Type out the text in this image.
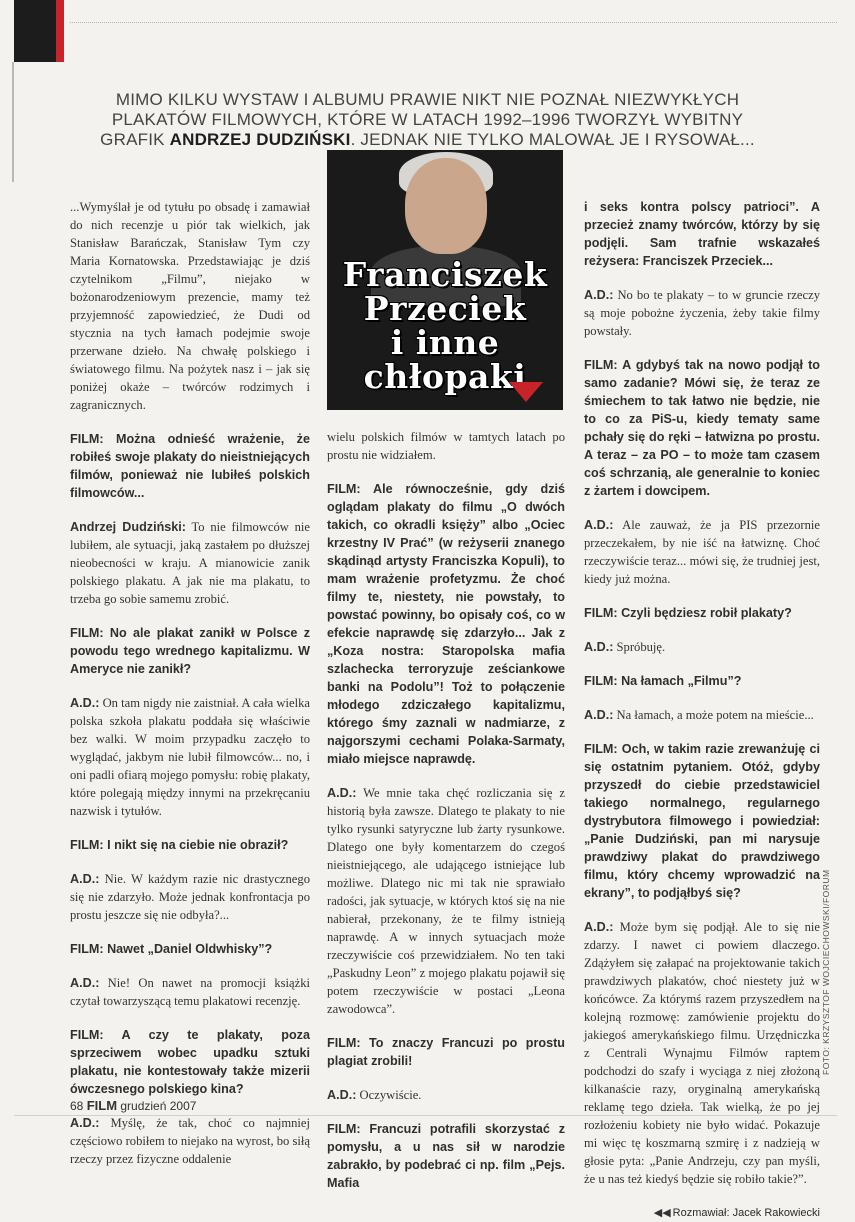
MIMO KILKU WYSTAW I ALBUMU PRAWIE NIKT NIE POZNAŁ NIEZWYKŁYCH PLAKATÓW FILMOWYCH, KTÓRE W LATACH 1992–1996 TWORZYŁ WYBITNY GRAFIK ANDRZEJ DUDZIŃSKI. JEDNAK NIE TYLKO MALOWAŁ JE I RYSOWAŁ...
Franciszek
Przeciek
i inne
chłopaki

...Wymyślał je od tytułu po obsadę i zamawiał do nich recenzje u piór tak wielkich, jak Stanisław Barańczak, Stanisław Tym czy Maria Kornatowska. Przedstawiając je dziś czytelnikom „Filmu”, niejako w bożonarodzeniowym prezencie, mamy też przyjemność zapowiedzieć, że Dudi od stycznia na tych łamach podejmie swoje przerwane dzieło. Na chwałę polskiego i światowego filmu. Na pożytek nasz i – jak się poniżej okaże – twórców rodzimych i zagranicznych.

FILM: Można odnieść wrażenie, że robiłeś swoje plakaty do nieistniejących filmów, ponieważ nie lubiłeś polskich filmowców...

Andrzej Dudziński: To nie filmowców nie lubiłem, ale sytuacji, jaką zastałem po dłuższej nieobecności w kraju. A mianowicie zanik polskiego plakatu. A jak nie ma plakatu, to trzeba go sobie samemu zrobić.

FILM: No ale plakat zanikł w Polsce z powodu tego wrednego kapitalizmu. W Ameryce nie zanikł?

A.D.: On tam nigdy nie zaistniał. A cała wielka polska szkoła plakatu poddała się właściwie bez walki. W moim przypadku zaczęło to wyglądać, jakbym nie lubił filmowców... no, i oni padli ofiarą mojego pomysłu: robię plakaty, które polegają między innymi na przekręcaniu nazwisk i tytułów.

FILM: I nikt się na ciebie nie obraził?

A.D.: Nie. W każdym razie nic drastycznego się nie zdarzyło. Może jednak konfrontacja po prostu jeszcze się nie odbyła?...

FILM: Nawet „Daniel Oldwhisky”?

A.D.: Nie! On nawet na promocji książki czytał towarzyszącą temu plakatowi recenzję.

FILM: A czy te plakaty, poza sprzeciwem wobec upadku sztuki plakatu, nie kontestowały także mizerii ówczesnego polskiego kina?

A.D.: Myślę, że tak, choć co najmniej częściowo robiłem to niejako na wyrost, bo siłą rzeczy przez fizyczne oddalenie

wielu polskich filmów w tamtych latach po prostu nie widziałem.

FILM: Ale równocześnie, gdy dziś oglądam plakaty do filmu „O dwóch takich, co okradli księży” albo „Ociec krzestny IV Prać” (w reżyserii znanego skądinąd artysty Franciszka Kopuli), to mam wrażenie profetyzmu. Że choć filmy te, niestety, nie powstały, to powstać powinny, bo opisały coś, co w efekcie naprawdę się zdarzyło... Jak z „Koza nostra: Staropolska mafia szlachecka terroryzuje ześciankowe banki na Podolu”! Toż to połączenie młodego zdziczałego kapitalizmu, którego śmy zaznali w nadmiarze, z najgorszymi cechami Polaka-Sarmaty, miało miejsce naprawdę.

A.D.: We mnie taka chęć rozliczania się z historią była zawsze. Dlatego te plakaty to nie tylko rysunki satyryczne lub żarty rysunkowe. Dlatego one były komentarzem do czegoś nieistniejącego, ale udającego istniejące lub możliwe. Dlatego nic mi tak nie sprawiało radości, jak sytuacje, w których ktoś się na nie nabierał, przekonany, że te filmy istnieją naprawdę. A w innych sytuacjach może rzeczywiście coś przewidziałem. No ten taki „Paskudny Leon” z mojego plakatu pojawił się potem rzeczywiście w postaci „Leona zawodowca”.

FILM: To znaczy Francuzi po prostu plagiat zrobili!

A.D.: Oczywiście.

FILM: Francuzi potrafili skorzystać z pomysłu, a u nas sił w narodzie zabrakło, by podebrać ci np. film „Pejs. Mafia

i seks kontra polscy patrioci”. A przecież znamy twórców, którzy by się podjęli. Sam trafnie wskazałeś reżysera: Franciszek Przeciek...

A.D.: No bo te plakaty – to w gruncie rzeczy są moje pobożne życzenia, żeby takie filmy powstały.

FILM: A gdybyś tak na nowo podjął to samo zadanie? Mówi się, że teraz ze śmiechem to tak łatwo nie będzie, nie to co za PiS-u, kiedy tematy same pchały się do ręki – łatwizna po prostu. A teraz – za PO – to może tam czasem coś schrzanią, ale generalnie to koniec z żartem i dowcipem.

A.D.: Ale zauważ, że ja PIS przezornie przeczekałem, by nie iść na łatwiznę. Choć rzeczywiście teraz... mówi się, że trudniej jest, kiedy już można.

FILM: Czyli będziesz robił plakaty?

A.D.: Spróbuję.

FILM: Na łamach „Filmu”?

A.D.: Na łamach, a może potem na mieście...

FILM: Och, w takim razie zrewanżuję ci się ostatnim pytaniem. Otóż, gdyby przyszedł do ciebie przedstawiciel takiego normalnego, regularnego dystrybutora filmowego i powiedział: „Panie Dudziński, pan mi narysuje prawdziwy plakat do prawdziwego filmu, który chcemy wprowadzić na ekrany”, to podjąłbyś się?

A.D.: Może bym się podjął. Ale to się nie zdarzy. I nawet ci powiem dlaczego. Zdążyłem się załapać na projektowanie takich prawdziwych plakatów, choć niestety już w końcówce. Za którymś razem przyszedłem na kolejną rozmowę: zamówienie projektu do jakiegoś amerykańskiego filmu. Urzędniczka z Centrali Wynajmu Filmów raptem podchodzi do szafy i wyciąga z niej złożoną kilkanaście razy, oryginalną amerykańską reklamę tego dzieła. Tak wielką, że po jej rozłożeniu kobiety nie było widać. Pokazuje mi więc tę koszmarną szmirę i z nadzieją w głosie pyta: „Panie Andrzeju, czy pan myśli, że u nas też kiedyś będzie się robiło takie?”.

◀◀ Rozmawiał: Jacek Rakowiecki
FOTO: KRZYSZTOF WOJCIECHOWSKI/FORUM
68 FILM grudzień 2007
